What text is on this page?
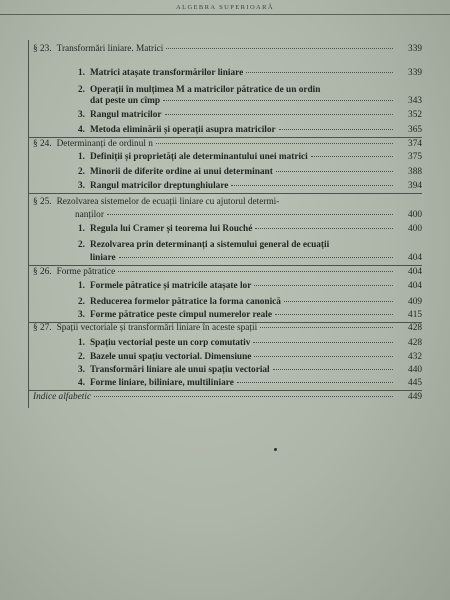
ALGEBRA SUPERIOARĂ
§ 23. Transformări liniare. Matrici	339
1. Matrici atașate transformărilor liniare	339
2. Operații în mulțimea M a matricilor pătratice de un ordin
dat peste un cîmp	343
3. Rangul matricilor	352
4. Metoda eliminării și operații asupra matricilor	365
§ 24. Determinanți de ordinul n	374
1. Definiții și proprietăți ale determinantului unei matrici	375
2. Minorii de diferite ordine ai unui determinant	388
3. Rangul matricilor dreptunghiulare	394
§ 25. Rezolvarea sistemelor de ecuații liniare cu ajutorul determi-
nanților	400
1. Regula lui Cramer și teorema lui Rouché	400
2. Rezolvarea prin determinanți a sistemului general de ecuații
liniare	404
§ 26. Forme pătratice	404
1. Formele pătratice și matricile atașate lor	404
2. Reducerea formelor pătratice la forma canonică	409
3. Forme pătratice peste cîmpul numerelor reale	415
§ 27. Spații vectoriale și transformări liniare în aceste spații	428
1. Spațiu vectorial peste un corp comutativ	428
2. Bazele unui spațiu vectorial. Dimensiune	432
3. Transformări liniare ale unui spațiu vectorial	440
4. Forme liniare, biliniare, multiliniare	445
Indice alfabetic	449
